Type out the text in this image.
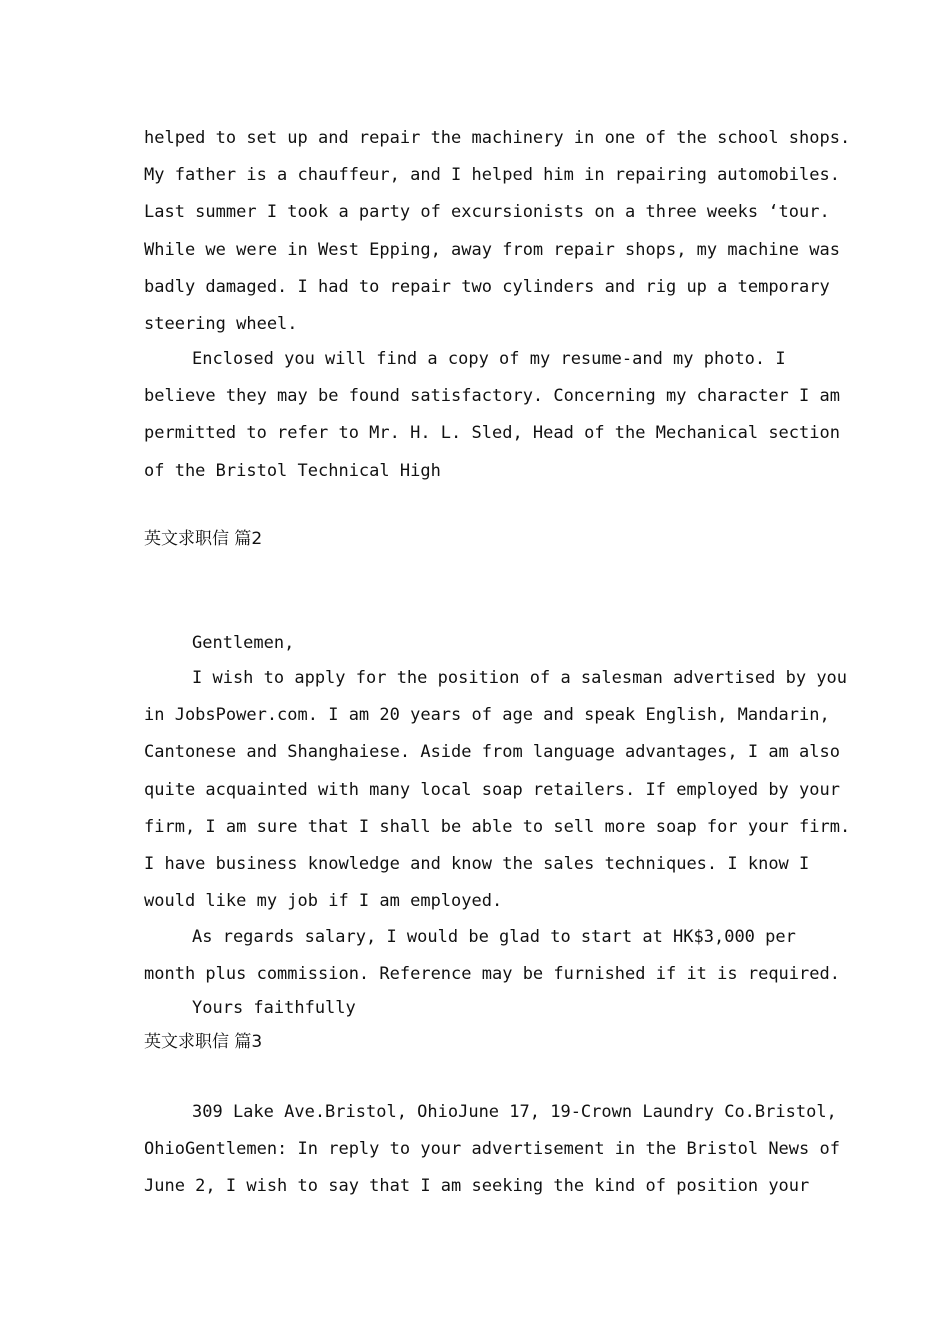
helped to set up and repair the machinery in one of the school shops.
My father is a chauffeur, and I helped him in repairing automobiles.
Last summer I took a party of excursionists on a three weeks ‘tour.
While we were in West Epping, away from repair shops, my machine was
badly damaged. I had to repair two cylinders and rig up a temporary
steering wheel.
Enclosed you will find a copy of my resume-and my photo. I
believe they may be found satisfactory. Concerning my character I am
permitted to refer to Mr. H. L. Sled, Head of the Mechanical section
of the Bristol Technical High
英文求职信 篇2
Gentlemen,
I wish to apply for the position of a salesman advertised by you
in JobsPower.com. I am 20 years of age and speak English, Mandarin,
Cantonese and Shanghaiese. Aside from language advantages, I am also
quite acquainted with many local soap retailers. If employed by your
firm, I am sure that I shall be able to sell more soap for your firm.
I have business knowledge and know the sales techniques. I know I
would like my job if I am employed.
As regards salary, I would be glad to start at HK$3,000 per
month plus commission. Reference may be furnished if it is required.
Yours faithfully
英文求职信 篇3
309 Lake Ave.Bristol, OhioJune 17, 19-Crown Laundry Co.Bristol,
OhioGentlemen: In reply to your advertisement in the Bristol News of
June 2, I wish to say that I am seeking the kind of position your
